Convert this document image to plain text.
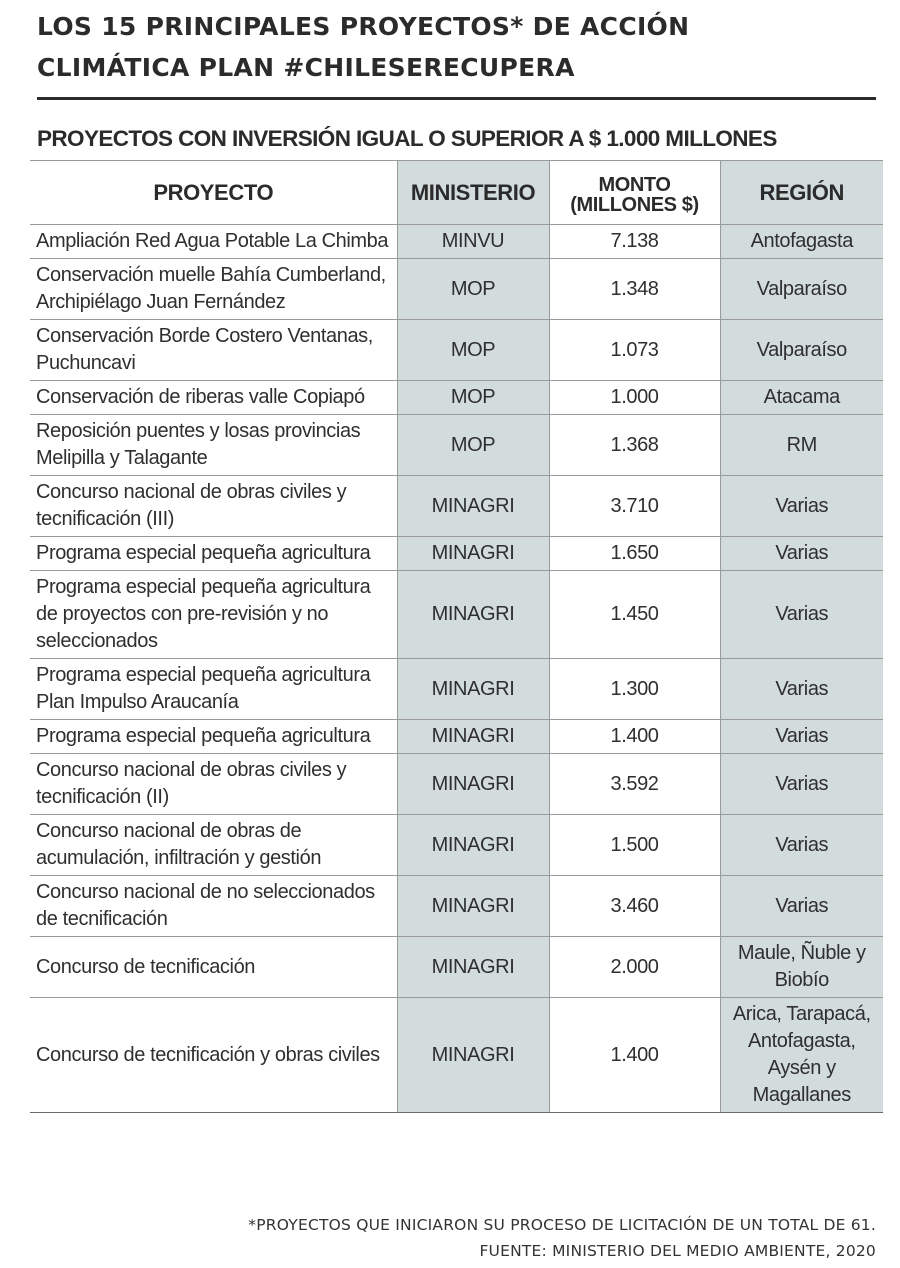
LOS 15 PRINCIPALES PROYECTOS* DE ACCIÓN
CLIMÁTICA PLAN #CHILESERECUPERA
PROYECTOS CON INVERSIÓN IGUAL O SUPERIOR A $ 1.000 MILLONES
PROYECTO	MINISTERIO	MONTO
(MILLONES $)	REGIÓN

Ampliación Red Agua Potable La Chimba	MINVU	7.138	Antofagasta

Conservación muelle Bahía Cumberland,
Archipiélago Juan Fernández	MOP	1.348	Valparaíso

Conservación Borde Costero Ventanas,
Puchuncavi	MOP	1.073	Valparaíso

Conservación de riberas valle Copiapó	MOP	1.000	Atacama

Reposición puentes y losas provincias
Melipilla y Talagante	MOP	1.368	RM

Concurso nacional de obras civiles y
tecnificación (III)	MINAGRI	3.710	Varias

Programa especial pequeña agricultura	MINAGRI	1.650	Varias

Programa especial pequeña agricultura
de proyectos con pre-revisión y no
seleccionados	MINAGRI	1.450	Varias

Programa especial pequeña agricultura
Plan Impulso Araucanía	MINAGRI	1.300	Varias

Programa especial pequeña agricultura	MINAGRI	1.400	Varias

Concurso nacional de obras civiles y
tecnificación (II)	MINAGRI	3.592	Varias

Concurso nacional de obras de
acumulación, infiltración y gestión	MINAGRI	1.500	Varias

Concurso nacional de no seleccionados
de tecnificación	MINAGRI	3.460	Varias

Concurso de tecnificación	MINAGRI	2.000	Maule, Ñuble y
Biobío

Concurso de tecnificación y obras civiles	MINAGRI	1.400	Arica, Tarapacá,
Antofagasta,
Aysén y
Magallanes

*PROYECTOS QUE INICIARON SU PROCESO DE LICITACIÓN DE UN TOTAL DE 61.
FUENTE: MINISTERIO DEL MEDIO AMBIENTE, 2020
